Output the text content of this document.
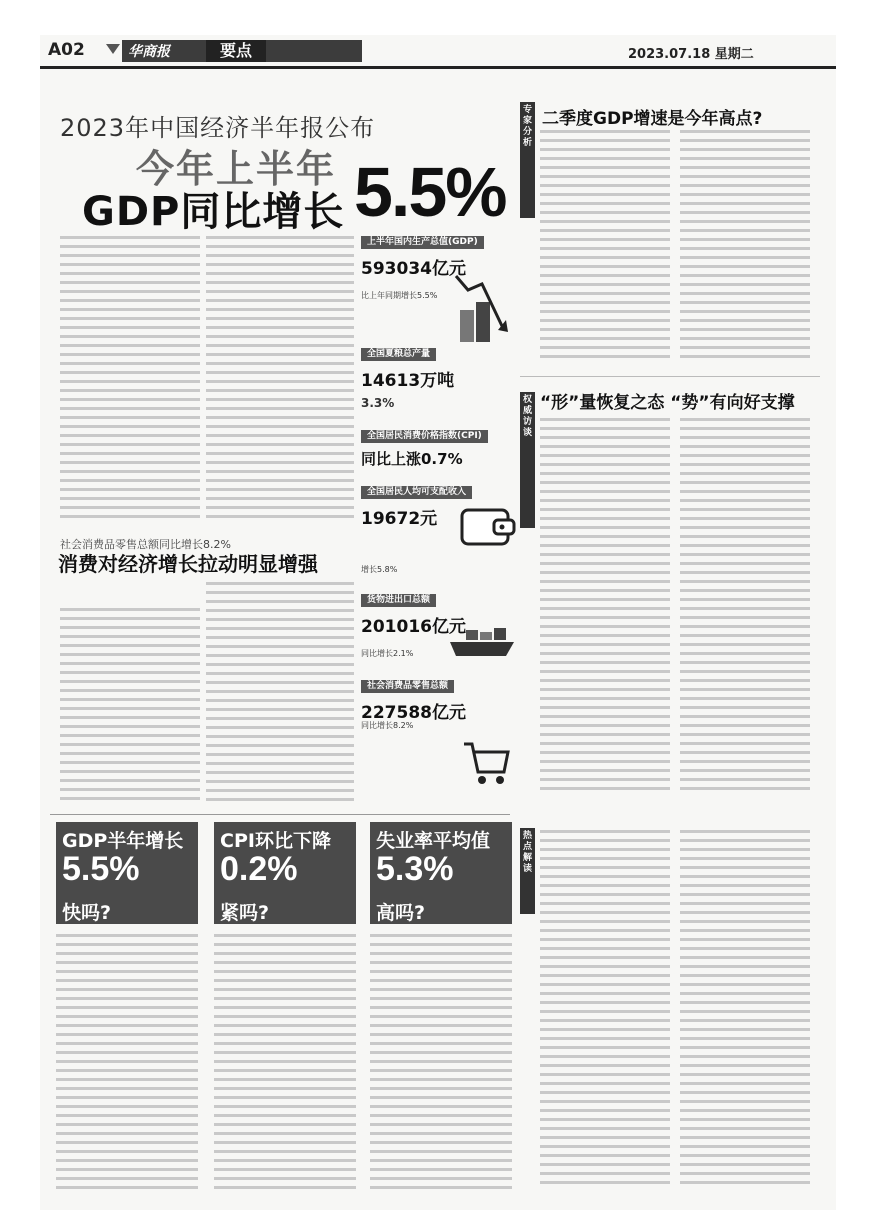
A02	华商报	要点	2023.07.18 星期二
2023年中国经济半年报公布
今年上半年
GDP同比增长 5.5%
社会消费品零售总额同比增长8.2%
消费对经济增长拉动明显增强
上半年国内生产总值(GDP)
593034亿元
比上年同期增长5.5%
全国夏粮总产量
14613万吨
3.3%
全国居民消费价格指数(CPI)
同比上涨0.7%
全国居民人均可支配收入
19672元
增长5.8%
货物进出口总额
201016亿元
同比增长2.1%
社会消费品零售总额
227588亿元
同比增长8.2%
专家分析
二季度GDP增速是今年高点?
权威访谈
“形”量恢复之态 “势”有向好支撑
GDP半年增长
5.5%
快吗?
CPI环比下降
0.2%
紧吗?
失业率平均值
5.3%
高吗?
热点解读
